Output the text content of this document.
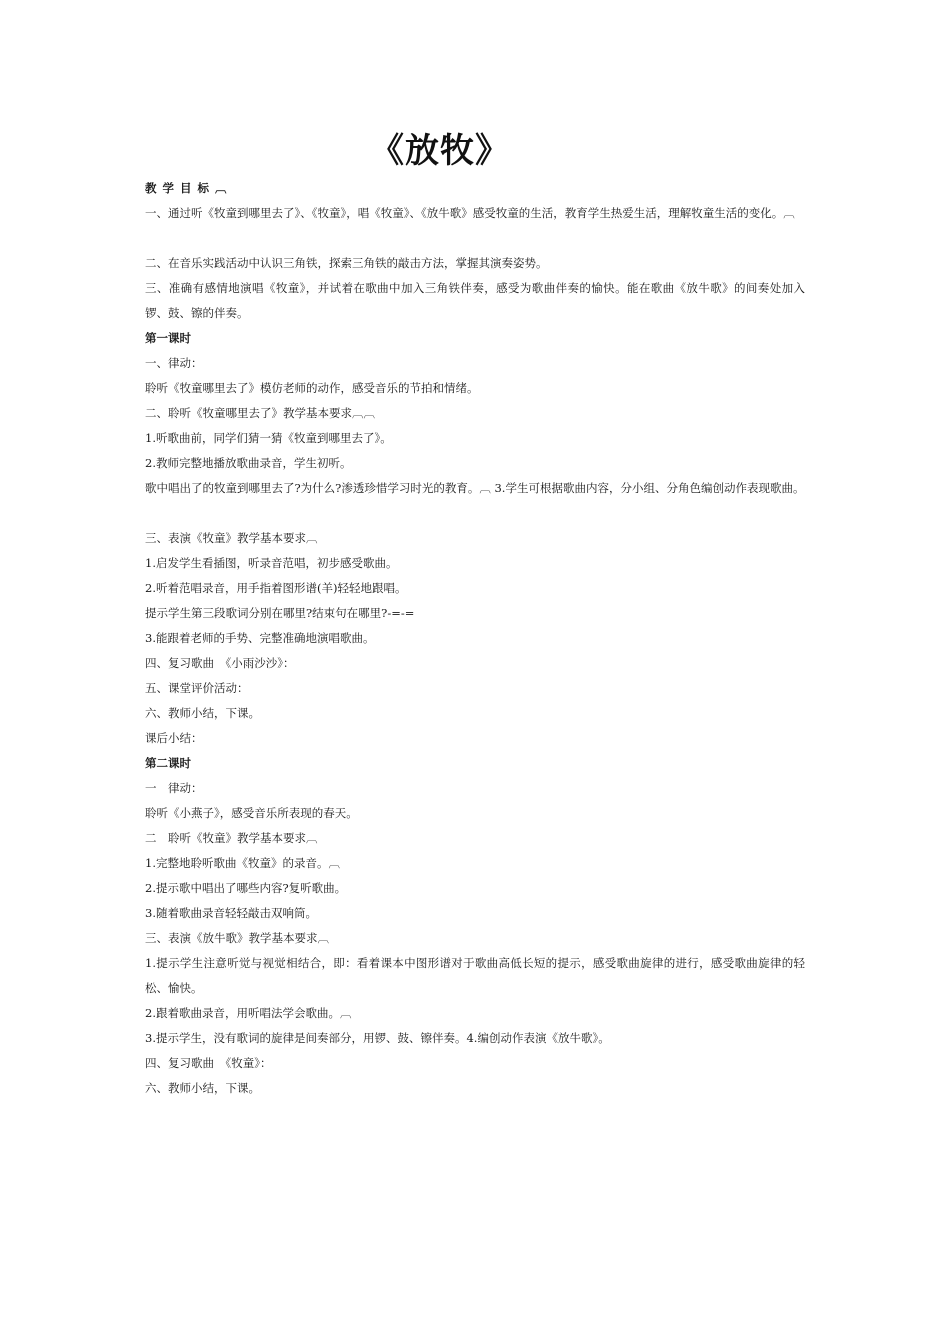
《放牧》
教学目标︹
一、通过听《牧童到哪里去了》、《牧童》，唱《牧童》、《放牛歌》感受牧童的生活，教育学生热爱生活，理解牧童生活的变化。︹
二、在音乐实践活动中认识三角铁，探索三角铁的敲击方法，掌握其演奏姿势。
三、准确有感情地演唱《牧童》，并试着在歌曲中加入三角铁伴奏，感受为歌曲伴奏的愉快。能在歌曲《放牛歌》的间奏处加入锣、鼓、镲的伴奏。
第一课时
一、律动：
聆听《牧童哪里去了》模仿老师的动作，感受音乐的节拍和情绪。
二、聆听《牧童哪里去了》教学基本要求︹︹
1.听歌曲前，同学们猜一猜《牧童到哪里去了》。
2.教师完整地播放歌曲录音，学生初听。
歌中唱出了的牧童到哪里去了?为什么?渗透珍惜学习时光的教育。︹ 3.学生可根据歌曲内容，分小组、分角色编创动作表现歌曲。
三、表演《牧童》教学基本要求︹
1.启发学生看插图，听录音范唱，初步感受歌曲。
2.听着范唱录音，用手指着图形谱(羊)轻轻地跟唱。
提示学生第三段歌词分别在哪里?结束句在哪里?-=-=
3.能跟着老师的手势、完整准确地演唱歌曲。
四、复习歌曲　《小雨沙沙》：
五、课堂评价活动：
六、教师小结，下课。
课后小结：
第二课时
一　律动：
聆听《小燕子》，感受音乐所表现的春天。
二　聆听《牧童》教学基本要求︹
1.完整地聆听歌曲《牧童》的录音。︹
2.提示歌中唱出了哪些内容?复听歌曲。
3.随着歌曲录音轻轻敲击双响筒。
三、表演《放牛歌》教学基本要求︹
1.提示学生注意听觉与视觉相结合，即：看着课本中图形谱对于歌曲高低长短的提示，感受歌曲旋律的进行，感受歌曲旋律的轻松、愉快。
2.跟着歌曲录音，用听唱法学会歌曲。︹
3.提示学生，没有歌词的旋律是间奏部分，用锣、鼓、镲伴奏。4.编创动作表演《放牛歌》。
四、复习歌曲　《牧童》：
六、教师小结，下课。
